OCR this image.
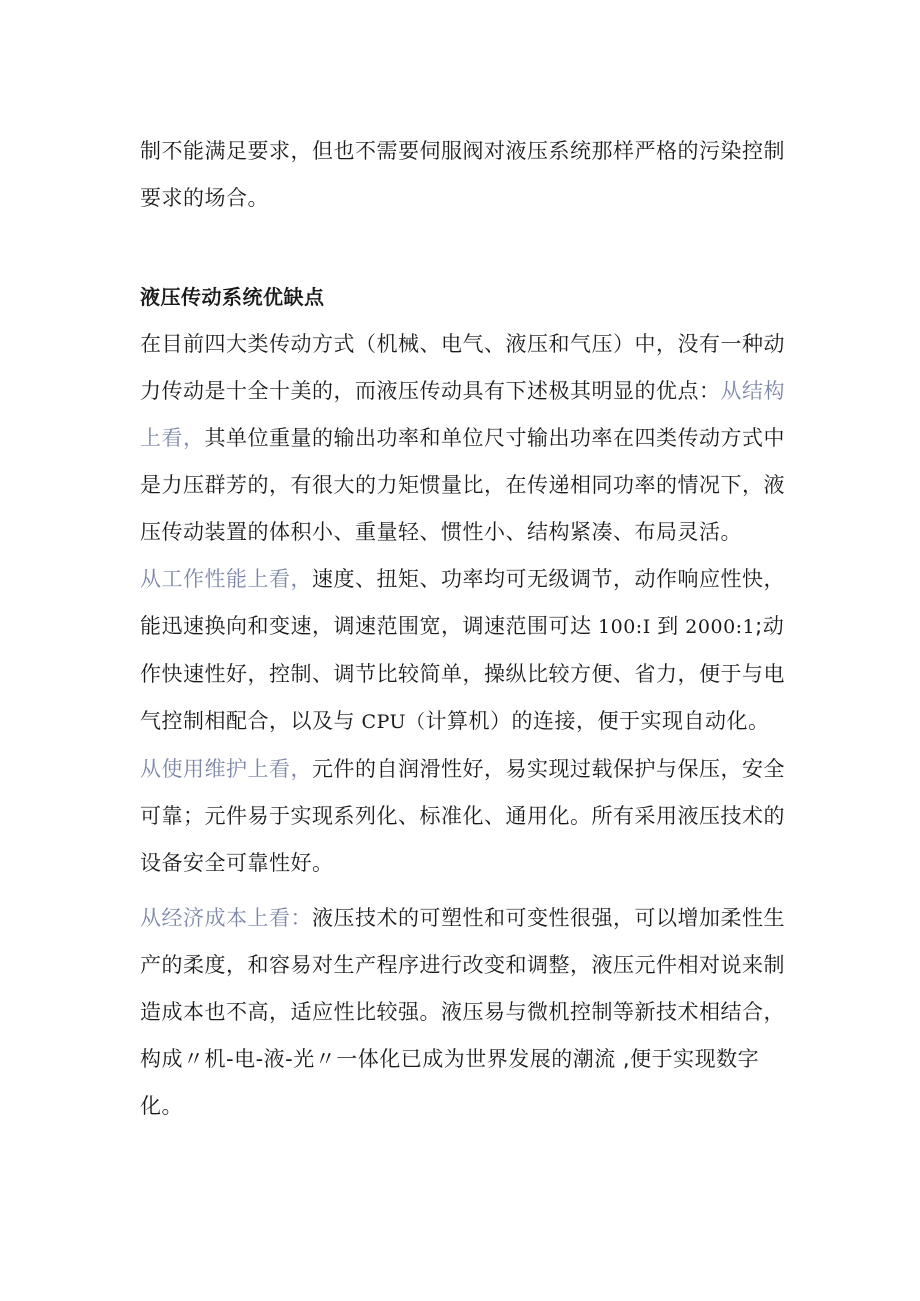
制不能满足要求，但也不需要伺服阀对液压系统那样严格的污染控制要求的场合。

液压传动系统优缺点

在目前四大类传动方式（机械、电气、液压和气压）中，没有一种动力传动是十全十美的，而液压传动具有下述极其明显的优点：从结构上看，其单位重量的输出功率和单位尺寸输出功率在四类传动方式中是力压群芳的，有很大的力矩惯量比，在传递相同功率的情况下，液压传动装置的体积小、重量轻、惯性小、结构紧凑、布局灵活。

从工作性能上看，速度、扭矩、功率均可无级调节，动作响应性快，能迅速换向和变速，调速范围宽，调速范围可达 100:I 到 2000:1;动作快速性好，控制、调节比较简单，操纵比较方便、省力，便于与电气控制相配合，以及与 CPU（计算机）的连接，便于实现自动化。

从使用维护上看，元件的自润滑性好，易实现过载保护与保压，安全可靠；元件易于实现系列化、标准化、通用化。所有采用液压技术的设备安全可靠性好。

从经济成本上看：液压技术的可塑性和可变性很强，可以增加柔性生产的柔度，和容易对生产程序进行改变和调整，液压元件相对说来制造成本也不高，适应性比较强。液压易与微机控制等新技术相结合，构成〃机-电-液-光〃一体化已成为世界发展的潮流 ,便于实现数字化。
